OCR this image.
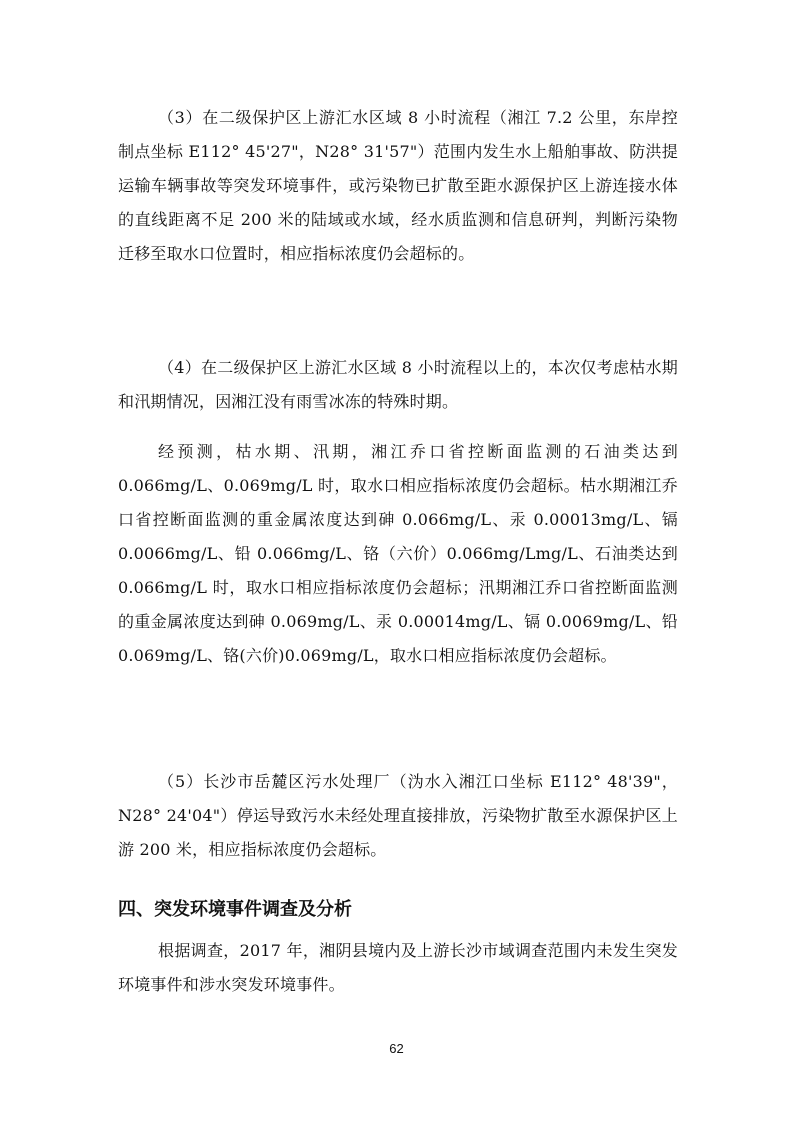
（3）在二级保护区上游汇水区域 8 小时流程（湘江 7.2 公里，东岸控制点坐标 E112° 45'27"，N28° 31'57"）范围内发生水上船舶事故、防洪提运输车辆事故等突发环境事件，或污染物已扩散至距水源保护区上游连接水体的直线距离不足 200 米的陆域或水域，经水质监测和信息研判，判断污染物迁移至取水口位置时，相应指标浓度仍会超标的。

（4）在二级保护区上游汇水区域 8 小时流程以上的，本次仅考虑枯水期和汛期情况，因湘江没有雨雪冰冻的特殊时期。

经预测，枯水期、汛期，湘江乔口省控断面监测的石油类达到 0.066mg/L、0.069mg/L 时，取水口相应指标浓度仍会超标。枯水期湘江乔口省控断面监测的重金属浓度达到砷 0.066mg/L、汞 0.00013mg/L、镉 0.0066mg/L、铅 0.066mg/L、铬（六价）0.066mg/Lmg/L、石油类达到 0.066mg/L 时，取水口相应指标浓度仍会超标；汛期湘江乔口省控断面监测的重金属浓度达到砷 0.069mg/L、汞 0.00014mg/L、镉 0.0069mg/L、铅 0.069mg/L、铬(六价)0.069mg/L，取水口相应指标浓度仍会超标。

（5）长沙市岳麓区污水处理厂（沩水入湘江口坐标 E112° 48'39"，N28° 24'04"）停运导致污水未经处理直接排放，污染物扩散至水源保护区上游 200 米，相应指标浓度仍会超标。

四、突发环境事件调查及分析

根据调查，2017 年，湘阴县境内及上游长沙市域调查范围内未发生突发环境事件和涉水突发环境事件。

62
